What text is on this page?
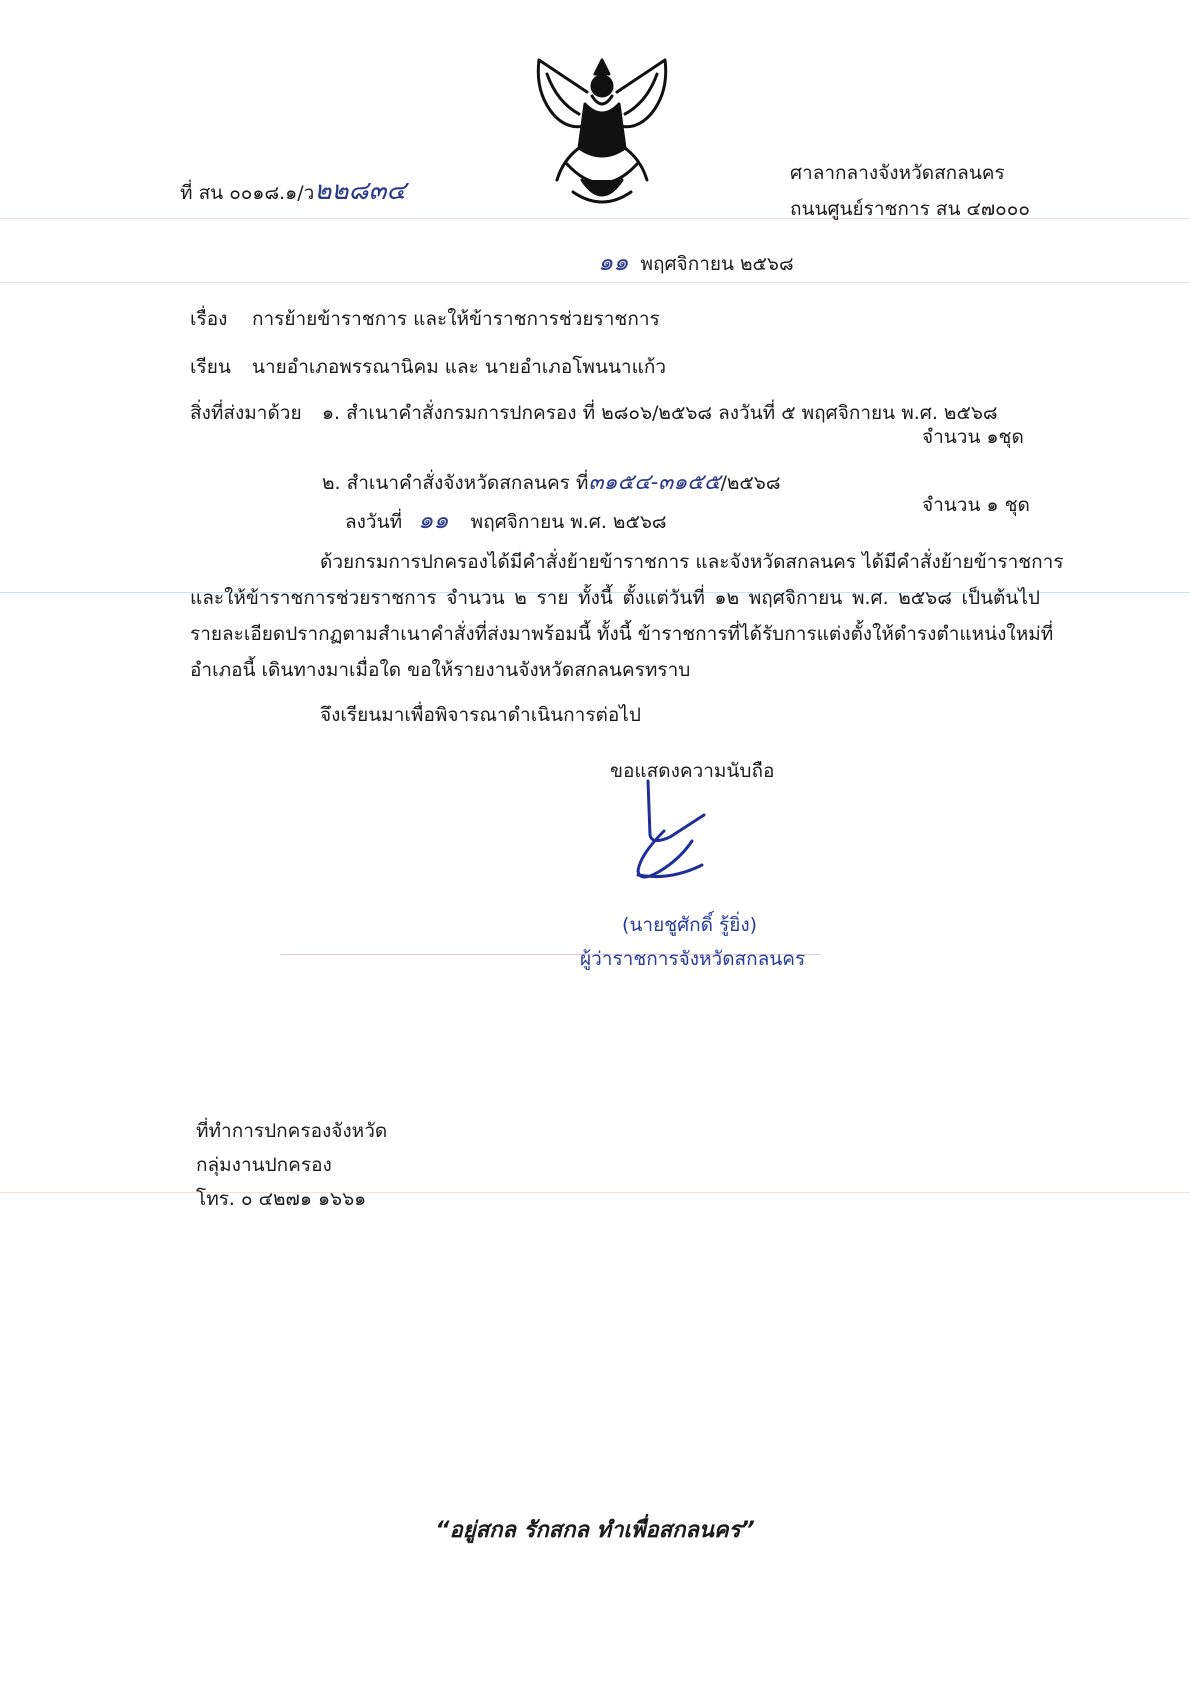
ที่ สน ๐๐๑๘.๑/ว๒๒๘๓๔
ศาลากลางจังหวัดสกลนคร
ถนนศูนย์ราชการ สน ๔๗๐๐๐
๑๑ พฤศจิกายน ๒๕๖๘
เรื่อง การย้ายข้าราชการ และให้ข้าราชการช่วยราชการ
เรียน นายอำเภอพรรณานิคม และ นายอำเภอโพนนาแก้ว
สิ่งที่ส่งมาด้วย ๑. สำเนาคำสั่งกรมการปกครอง ที่ ๒๘๐๖/๒๕๖๘ ลงวันที่ ๕ พฤศจิกายน พ.ศ. ๒๕๖๘
จำนวน ๑ชุด
๒. สำเนาคำสั่งจังหวัดสกลนคร ที่๓๑๕๔-๓๑๕๕/๒๕๖๘
ลงวันที่ ๑๑ พฤศจิกายน พ.ศ. ๒๕๖๘
จำนวน ๑ ชุด
ด้วยกรมการปกครองได้มีคำสั่งย้ายข้าราชการ และจังหวัดสกลนคร ได้มีคำสั่งย้ายข้าราชการ
และให้ข้าราชการช่วยราชการ จำนวน ๒ ราย ทั้งนี้ ตั้งแต่วันที่ ๑๒ พฤศจิกายน พ.ศ. ๒๕๖๘ เป็นต้นไป
รายละเอียดปรากฏตามสำเนาคำสั่งที่ส่งมาพร้อมนี้ ทั้งนี้ ข้าราชการที่ได้รับการแต่งตั้งให้ดำรงตำแหน่งใหม่ที่
อำเภอนี้ เดินทางมาเมื่อใด ขอให้รายงานจังหวัดสกลนครทราบ
จึงเรียนมาเพื่อพิจารณาดำเนินการต่อไป
ขอแสดงความนับถือ
(นายชูศักดิ์ รู้ยิ่ง)
ผู้ว่าราชการจังหวัดสกลนคร
ที่ทำการปกครองจังหวัด
กลุ่มงานปกครอง
โทร. ๐ ๔๒๗๑ ๑๖๖๑
“อยู่สกล รักสกล ทำเพื่อสกลนคร”
